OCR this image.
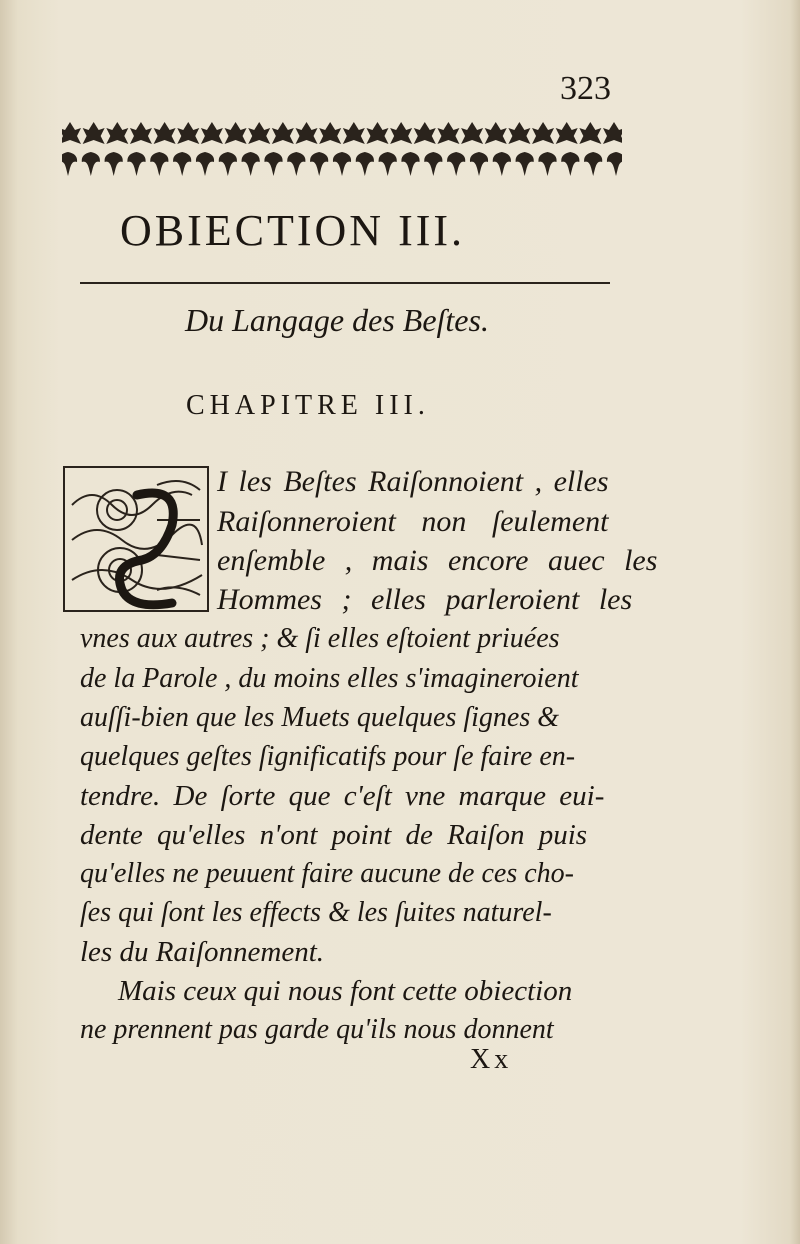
323
OBIECTION III.
Du Langage des Beſtes.
CHAPITRE III.
I les Beſtes Raiſonnoient , elles
Raiſonneroient non ſeulement
enſemble , mais encore auec les
Hommes ; elles parleroient les
vnes aux autres ; & ſi elles eſtoient priuées
de la Parole , du moins elles s'imagineroient
auſſi-bien que les Muets quelques ſignes &
quelques geſtes ſignificatifs pour ſe faire en-
tendre. De ſorte que c'eſt vne marque eui-
dente qu'elles n'ont point de Raiſon puis
qu'elles ne peuuent faire aucune de ces cho-
ſes qui ſont les effects & les ſuites naturel-
les du Raiſonnement.
Mais ceux qui nous font cette obiection
ne prennent pas garde qu'ils nous donnent
Xx
